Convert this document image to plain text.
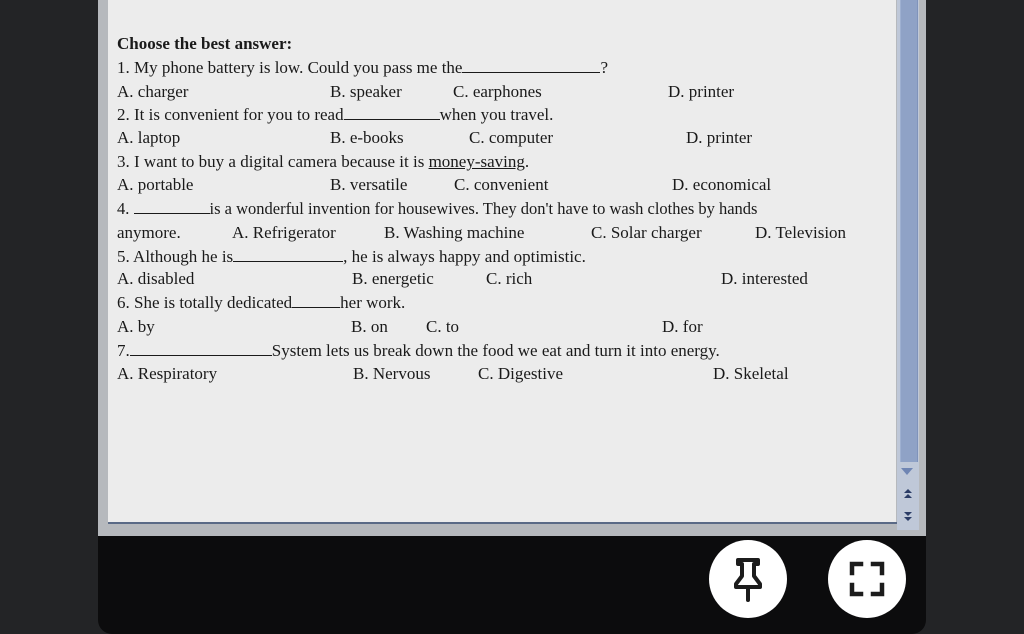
Choose the best answer:
1. My phone battery is low. Could you pass me the	?
A. charger	B. speaker	C. earphones	D. printer
2. It is convenient for you to read	when you travel.
A. laptop	B. e-books	C. computer	D. printer
3. I want to buy a digital camera because it is money-saving.
A. portable	B. versatile	C. convenient	D. economical
4.	is a wonderful invention for housewives. They don't have to wash clothes by hands
anymore.	A. Refrigerator	B. Washing machine	C. Solar charger	D. Television
5. Although he is	, he is always happy and optimistic.
A. disabled	B. energetic	C. rich	D. interested
6. She is totally dedicated	her work.
A. by	B. on C. to	D. for
7.	System lets us break down the food we eat and turn it into energy.
A. Respiratory	B. Nervous	C. Digestive	D. Skeletal
